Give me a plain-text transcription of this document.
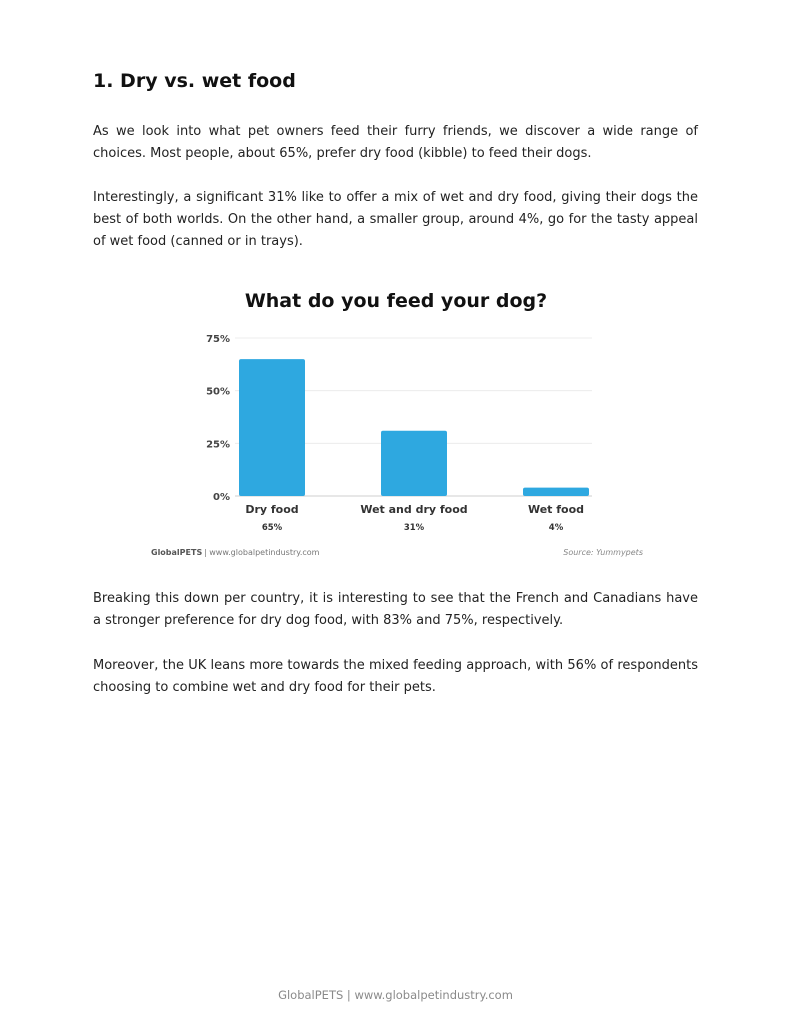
1. Dry vs. wet food

As we look into what pet owners feed their furry friends, we discover a wide range of choices. Most people, about 65%, prefer dry food (kibble) to feed their dogs.

Interestingly, a significant 31% like to offer a mix of wet and dry food, giving their dogs the best of both worlds. On the other hand, a smaller group, around 4%, go for the tasty appeal of wet food (canned or in trays).

What do you feed your dog?
75%
50%
25%
0%
Dry food
65%
Wet and dry food
31%
Wet food
4%
GlobalPETS | www.globalpetindustry.com	Source: Yummypets

Breaking this down per country, it is interesting to see that the French and Canadians have a stronger preference for dry dog food, with 83% and 75%, respectively.

Moreover, the UK leans more towards the mixed feeding approach, with 56% of respondents choosing to combine wet and dry food for their pets.

GlobalPETS | www.globalpetindustry.com
